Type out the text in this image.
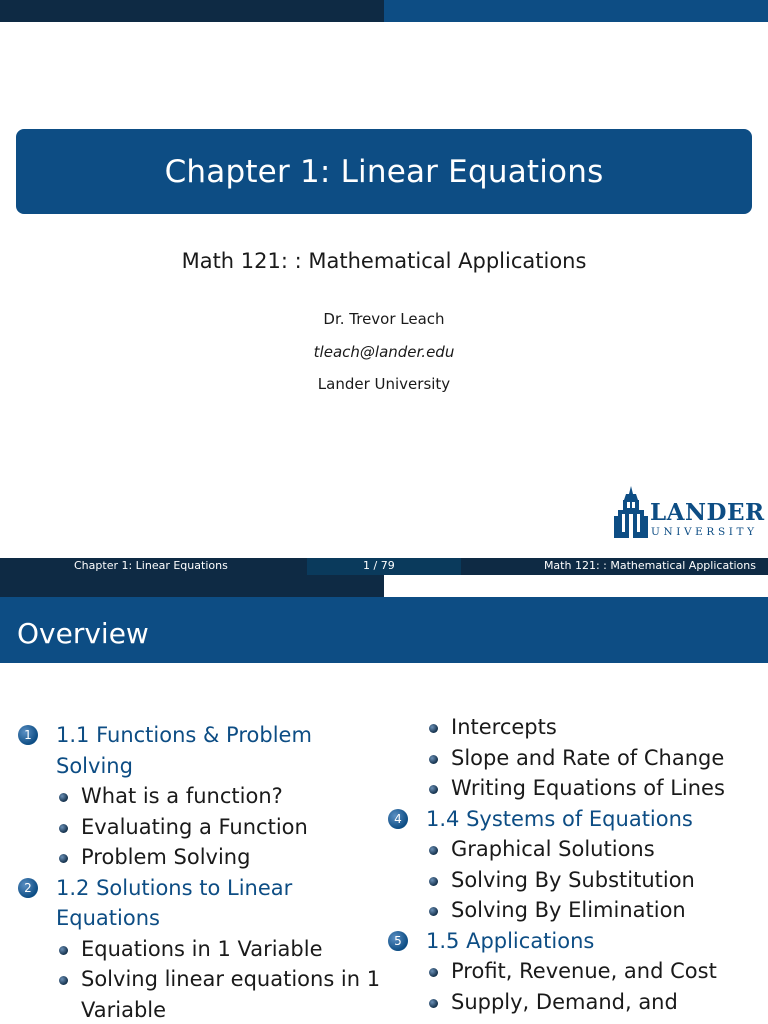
Chapter 1: Linear Equations
Math 121: : Mathematical Applications
Dr. Trevor Leach
tleach@lander.edu
Lander University
LANDER
UNIVERSITY
Chapter 1: Linear Equations	1 / 79	Math 121: : Mathematical Applications
Overview
1 1.1 Functions & Problem
Solving
What is a function?
Evaluating a Function
Problem Solving
2 1.2 Solutions to Linear
Equations
Equations in 1 Variable
Solving linear equations in 1
Variable
Intercepts
Slope and Rate of Change
Writing Equations of Lines
4 1.4 Systems of Equations
Graphical Solutions
Solving By Substitution
Solving By Elimination
5 1.5 Applications
Profit, Revenue, and Cost
Supply, Demand, and
